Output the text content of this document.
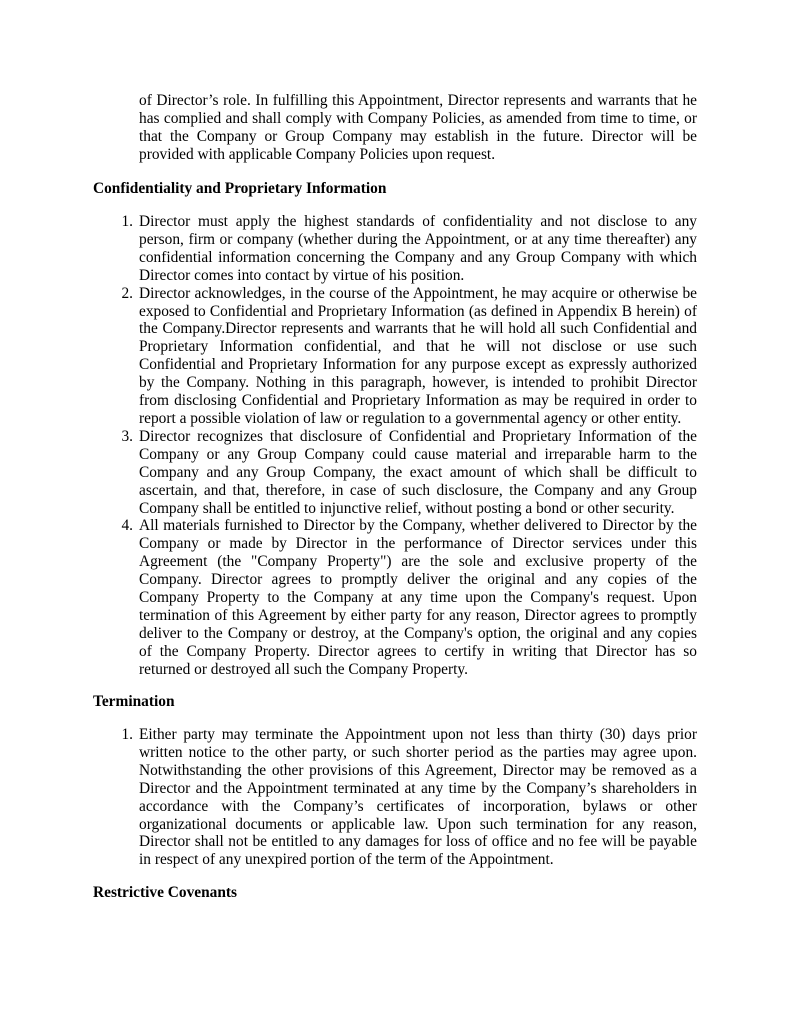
of Director’s role. In fulfilling this Appointment, Director represents and warrants that he
has complied and shall comply with Company Policies, as amended from time to time, or
that the Company or Group Company may establish in the future. Director will be
provided with applicable Company Policies upon request.
Confidentiality and Proprietary Information
1. Director must apply the highest standards of confidentiality and not disclose to any
person, firm or company (whether during the Appointment, or at any time thereafter) any
confidential information concerning the Company and any Group Company with which
Director comes into contact by virtue of his position.
2. Director acknowledges, in the course of the Appointment, he may acquire or otherwise be
exposed to Confidential and Proprietary Information (as defined in Appendix B herein) of
the Company.Director represents and warrants that he will hold all such Confidential and
Proprietary Information confidential, and that he will not disclose or use such
Confidential and Proprietary Information for any purpose except as expressly authorized
by the Company. Nothing in this paragraph, however, is intended to prohibit Director
from disclosing Confidential and Proprietary Information as may be required in order to
report a possible violation of law or regulation to a governmental agency or other entity.
3. Director recognizes that disclosure of Confidential and Proprietary Information of the
Company or any Group Company could cause material and irreparable harm to the
Company and any Group Company, the exact amount of which shall be difficult to
ascertain, and that, therefore, in case of such disclosure, the Company and any Group
Company shall be entitled to injunctive relief, without posting a bond or other security.
4. All materials furnished to Director by the Company, whether delivered to Director by the
Company or made by Director in the performance of Director services under this
Agreement (the "Company Property") are the sole and exclusive property of the
Company. Director agrees to promptly deliver the original and any copies of the
Company Property to the Company at any time upon the Company's request. Upon
termination of this Agreement by either party for any reason, Director agrees to promptly
deliver to the Company or destroy, at the Company's option, the original and any copies
of the Company Property. Director agrees to certify in writing that Director has so
returned or destroyed all such the Company Property.
Termination
1. Either party may terminate the Appointment upon not less than thirty (30) days prior
written notice to the other party, or such shorter period as the parties may agree upon.
Notwithstanding the other provisions of this Agreement, Director may be removed as a
Director and the Appointment terminated at any time by the Company’s shareholders in
accordance with the Company’s certificates of incorporation, bylaws or other
organizational documents or applicable law. Upon such termination for any reason,
Director shall not be entitled to any damages for loss of office and no fee will be payable
in respect of any unexpired portion of the term of the Appointment.
Restrictive Covenants
